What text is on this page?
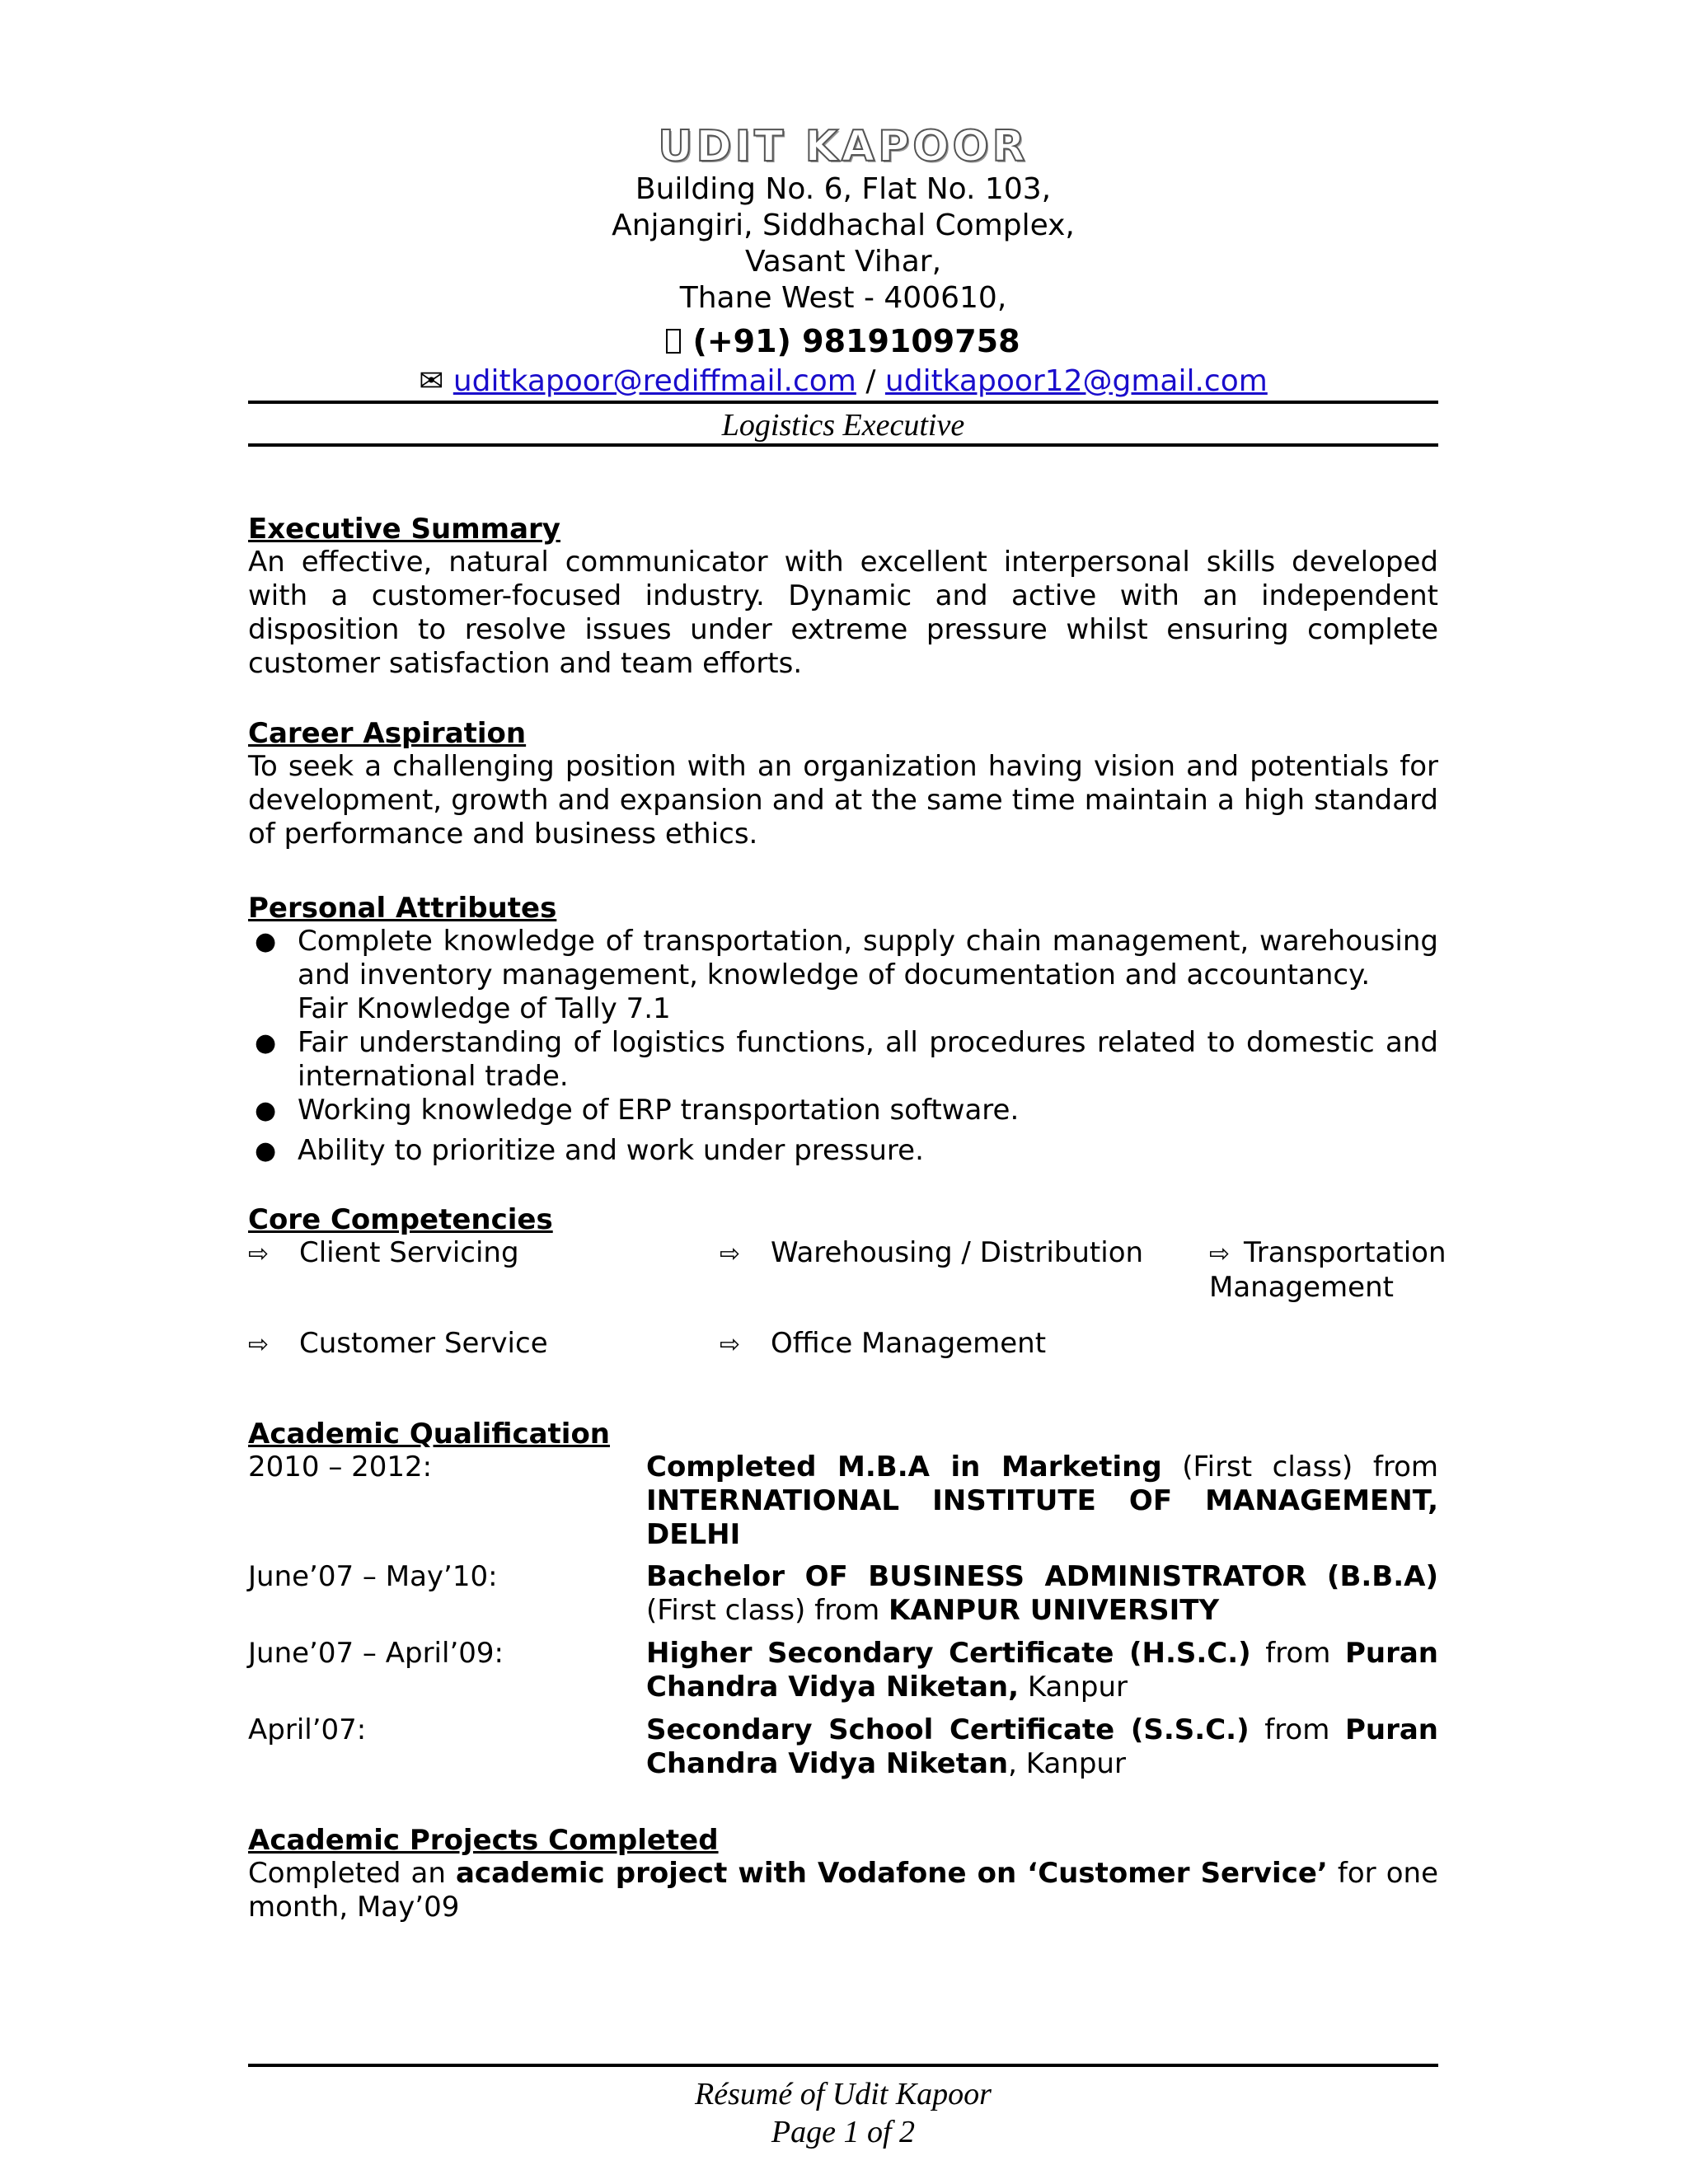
UDIT KAPOOR
Building No. 6, Flat No. 103,
Anjangiri, Siddhachal Complex,
Vasant Vihar,
Thane West - 400610,
(+91) 9819109758
✉ uditkapoor@rediffmail.com / uditkapoor12@gmail.com
Logistics Executive
Executive Summary
An effective, natural communicator with excellent interpersonal skills developed with a customer-focused industry. Dynamic and active with an independent disposition to resolve issues under extreme pressure whilst ensuring complete customer satisfaction and team efforts.
Career Aspiration
To seek a challenging position with an organization having vision and potentials for development, growth and expansion and at the same time maintain a high standard of performance and business ethics.
Personal Attributes
● Complete knowledge of transportation, supply chain management, warehousing and inventory management, knowledge of documentation and accountancy.
Fair Knowledge of Tally 7.1
● Fair understanding of logistics functions, all procedures related to domestic and international trade.
● Working knowledge of ERP transportation software.
● Ability to prioritize and work under pressure.
Core Competencies
⇨ Client Servicing	⇨ Warehousing / Distribution	⇨ Transportation Management
⇨ Customer Service	⇨ Office Management
Academic Qualification
2010 – 2012:	Completed M.B.A in Marketing (First class) from INTERNATIONAL INSTITUTE OF MANAGEMENT, DELHI
June’07 – May’10:	Bachelor OF BUSINESS ADMINISTRATOR (B.B.A) (First class) from KANPUR UNIVERSITY
June’07 – April’09:	Higher Secondary Certificate (H.S.C.) from Puran Chandra Vidya Niketan, Kanpur
April’07:	Secondary School Certificate (S.S.C.) from Puran Chandra Vidya Niketan, Kanpur
Academic Projects Completed
Completed an academic project with Vodafone on ‘Customer Service’ for one month, May’09
Résumé of Udit Kapoor
Page 1 of 2
